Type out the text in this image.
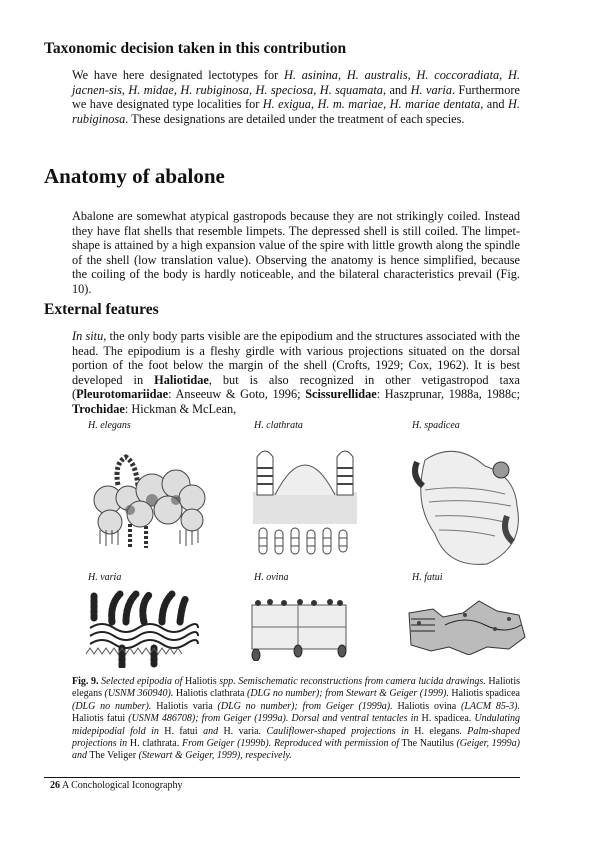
Taxonomic decision taken in this contribution
We have here designated lectotypes for H. asinina, H. australis, H. coccoradiata, H. jacnen-sis, H. midae, H. rubiginosa, H. speciosa, H. squamata, and H. varia. Furthermore we have designated type localities for H. exigua, H. m. mariae, H. mariae dentata, and H. rubiginosa. These designations are detailed under the treatment of each species.
Anatomy of abalone
Abalone are somewhat atypical gastropods because they are not strikingly coiled. Instead they have flat shells that resemble limpets. The depressed shell is still coiled. The limpet-shape is attained by a high expansion value of the spire with little growth along the spindle of the shell (low translation value). Observing the anatomy is hence simplified, because the coiling of the body is hardly noticeable, and the bilateral characteristics prevail (Fig. 10).
External features
In situ, the only body parts visible are the epipodium and the structures associated with the head. The epipodium is a fleshy girdle with various projections situated on the dorsal portion of the foot below the margin of the shell (Crofts, 1929; Cox, 1962). It is best developed in Haliotidae, but is also recognized in other vetigastropod taxa (Pleurotomariidae: Anseeuw & Goto, 1996; Scissurellidae: Haszprunar, 1988a, 1988c; Trochidae: Hickman & McLean,
H. elegans	H. clathrata	H. spadicea
H. varia	H. ovina	H. fatui
Fig. 9. Selected epipodia of Haliotis spp. Semischematic reconstructions from camera lucida drawings. Haliotis elegans (USNM 360940). Haliotis clathrata (DLG no number); from Stewart & Geiger (1999). Haliotis spadicea (DLG no number). Haliotis varia (DLG no number); from Geiger (1999a). Haliotis ovina (LACM 85-3). Haliotis fatui (USNM 486708); from Geiger (1999a). Dorsal and ventral tentacles in H. spadicea. Undulating midepipodial fold in H. fatui and H. varia. Cauliflower-shaped projections in H. elegans. Palm-shaped projections in H. clathrata. From Geiger (1999b). Reproduced with permission of The Nautilus (Geiger, 1999a) and The Veliger (Stewart & Geiger, 1999), respecively.
26 A Conchological Iconography
